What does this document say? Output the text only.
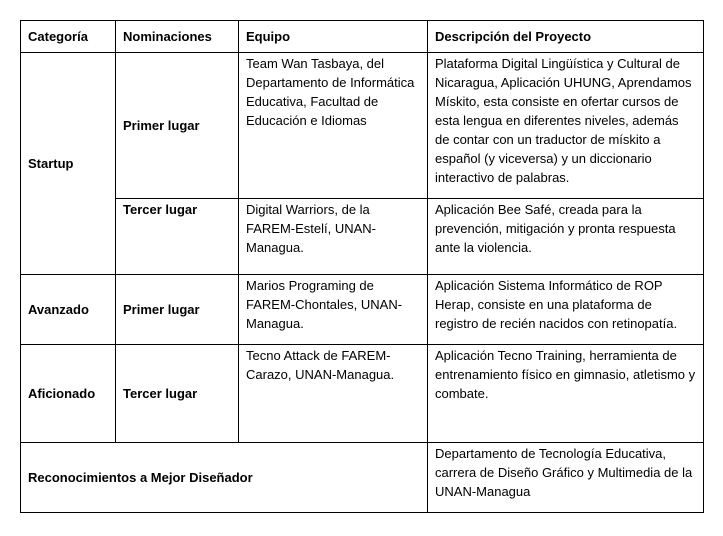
Categoría	Nominaciones	Equipo	Descripción del Proyecto
Startup	Primer lugar	Team Wan Tasbaya, del Departamento de Informática Educativa, Facultad de Educación e Idiomas	Plataforma Digital Lingüística y Cultural de Nicaragua, Aplicación UHUNG, Aprendamos Mískito, esta consiste en ofertar cursos de esta lengua en diferentes niveles, además de contar con un traductor de mískito a español (y viceversa) y un diccionario interactivo de palabras.
	Tercer lugar	Digital Warriors, de la FAREM-Estelí, UNAN-Managua.	Aplicación Bee Safé, creada para la prevención, mitigación y pronta respuesta ante la violencia.
Avanzado	Primer lugar	Marios Programing de FAREM-Chontales, UNAN-Managua.	Aplicación Sistema Informático de ROP Herap, consiste en una plataforma de registro de recién nacidos con retinopatía.
Aficionado	Tercer lugar	Tecno Attack de FAREM-Carazo, UNAN-Managua.	Aplicación Tecno Training, herramienta de entrenamiento físico en gimnasio, atletismo y combate.
Reconocimientos a Mejor Diseñador			Departamento de Tecnología Educativa, carrera de Diseño Gráfico y Multimedia de la UNAN-Managua
